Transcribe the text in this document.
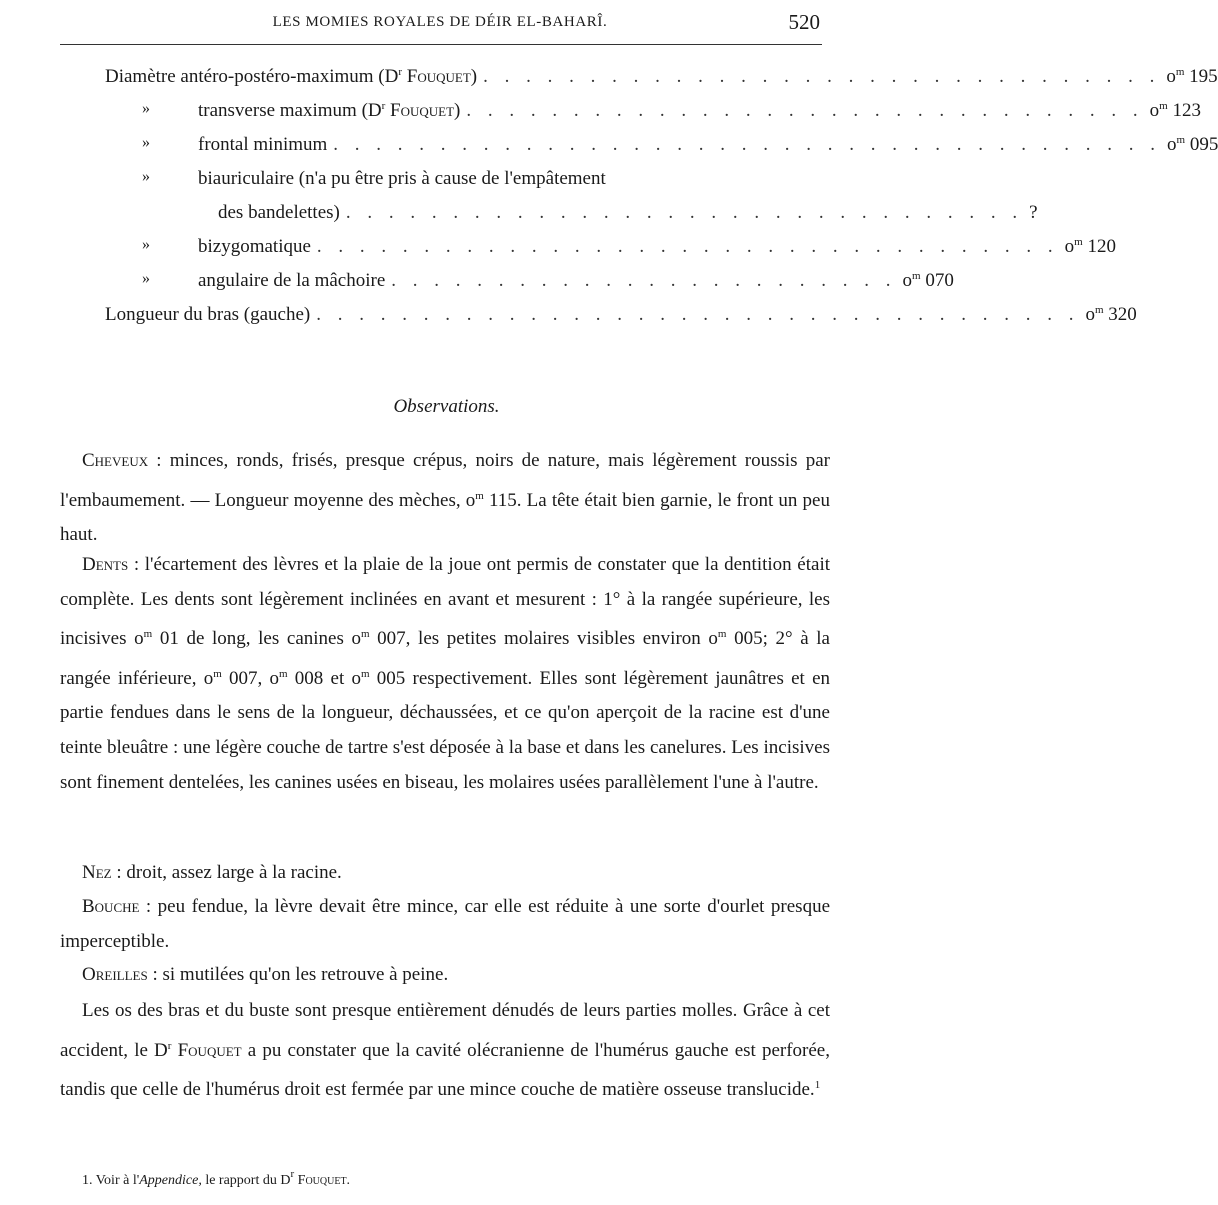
LES MOMIES ROYALES DE DÉIR EL-BAHARÎ.	520
Diamètre antéro-postéro-maximum ($D^r$ Fouquet) . . . . . . . . . . . . . . . . . . . . . . . . . . . . . . . . $o^m$ 195
»	transverse maximum ($D^r$ Fouquet) . . . . . . . . . . . . . . . . . . . . . . . . . . . . . . . . $o^m$ 123
»	frontal minimum . . . . . . . . . . . . . . . . . . . . . . . . . . . . . . . . . . . . . . . $o^m$ 095
»	biauriculaire (n'a pu être pris à cause de l'empâtement
des bandelettes) . . . . . . . . . . . . . . . . . . . . . . . . . . . . . . . . ?
»	bizygomatique . . . . . . . . . . . . . . . . . . . . . . . . . . . . . . . . . . . $o^m$ 120
»	angulaire de la mâchoire . . . . . . . . . . . . . . . . . . . . . . . . $o^m$ 070
Longueur du bras (gauche) . . . . . . . . . . . . . . . . . . . . . . . . . . . . . . . . . . . . $o^m$ 320
Observations.
Cheveux : minces, ronds, frisés, presque crépus, noirs de nature, mais légèrement roussis par l'embaumement. — Longueur moyenne des mèches, $o^m$ 115. La tête était bien garnie, le front un peu haut.
Dents : l'écartement des lèvres et la plaie de la joue ont permis de constater que la dentition était complète. Les dents sont légèrement inclinées en avant et mesurent : 1° à la rangée supérieure, les incisives $o^m$ 01 de long, les canines $o^m$ 007, les petites molaires visibles environ $o^m$ 005; 2° à la rangée inférieure, $o^m$ 007, $o^m$ 008 et $o^m$ 005 respectivement. Elles sont légèrement jaunâtres et en partie fendues dans le sens de la longueur, déchaussées, et ce qu'on aperçoit de la racine est d'une teinte bleuâtre : une légère couche de tartre s'est déposée à la base et dans les canelures. Les incisives sont finement dentelées, les canines usées en biseau, les molaires usées parallèlement l'une à l'autre.
Nez : droit, assez large à la racine.
Bouche : peu fendue, la lèvre devait être mince, car elle est réduite à une sorte d'ourlet presque imperceptible.
Oreilles : si mutilées qu'on les retrouve à peine.
Les os des bras et du buste sont presque entièrement dénudés de leurs parties molles. Grâce à cet accident, le $D^r$ Fouquet a pu constater que la cavité olécranienne de l'humérus gauche est perforée, tandis que celle de l'humérus droit est fermée par une mince couche de matière osseuse translucide.$^1$
1. Voir à l'Appendice, le rapport du $D^r$ Fouquet.
